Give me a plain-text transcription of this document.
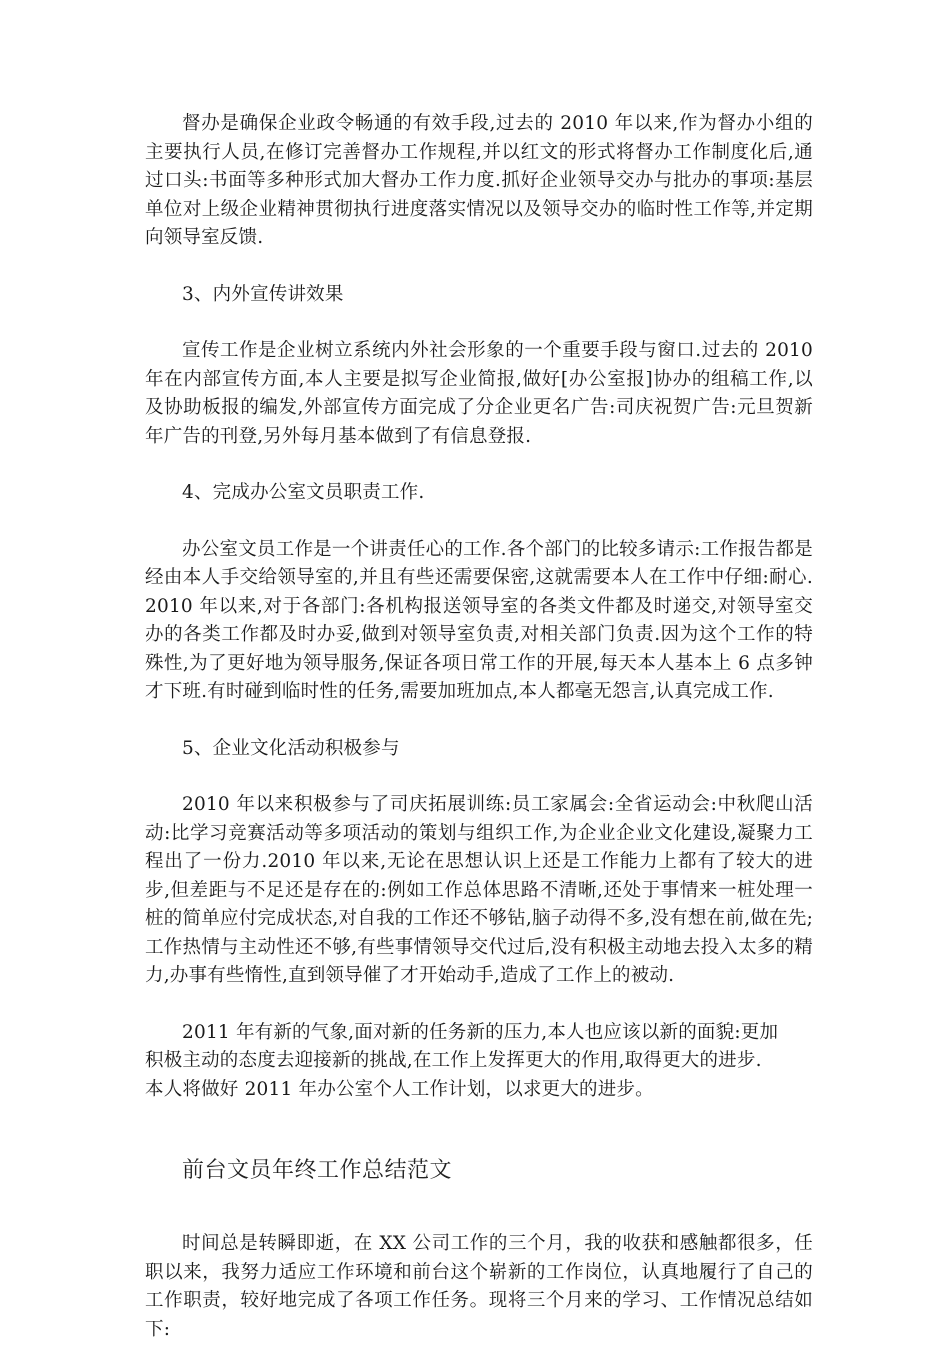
督办是确保企业政令畅通的有效手段,过去的 2010 年以来,作为督办小组的主要执行人员,在修订完善督办工作规程,并以红文的形式将督办工作制度化后,通过口头:书面等多种形式加大督办工作力度.抓好企业领导交办与批办的事项:基层单位对上级企业精神贯彻执行进度落实情况以及领导交办的临时性工作等,并定期向领导室反馈.

3、内外宣传讲效果

宣传工作是企业树立系统内外社会形象的一个重要手段与窗口.过去的 2010 年在内部宣传方面,本人主要是拟写企业简报,做好[办公室报]协办的组稿工作,以及协助板报的编发,外部宣传方面完成了分企业更名广告:司庆祝贺广告:元旦贺新年广告的刊登,另外每月基本做到了有信息登报.

4、完成办公室文员职责工作.

办公室文员工作是一个讲责任心的工作.各个部门的比较多请示:工作报告都是经由本人手交给领导室的,并且有些还需要保密,这就需要本人在工作中仔细:耐心.2010 年以来,对于各部门:各机构报送领导室的各类文件都及时递交,对领导室交办的各类工作都及时办妥,做到对领导室负责,对相关部门负责.因为这个工作的特殊性,为了更好地为领导服务,保证各项日常工作的开展,每天本人基本上 6 点多钟才下班.有时碰到临时性的任务,需要加班加点,本人都毫无怨言,认真完成工作.

5、企业文化活动积极参与

2010 年以来积极参与了司庆拓展训练:员工家属会:全省运动会:中秋爬山活动:比学习竞赛活动等多项活动的策划与组织工作,为企业企业文化建设,凝聚力工程出了一份力.2010 年以来,无论在思想认识上还是工作能力上都有了较大的进步,但差距与不足还是存在的:例如工作总体思路不清晰,还处于事情来一桩处理一桩的简单应付完成状态,对自我的工作还不够钻,脑子动得不多,没有想在前,做在先;工作热情与主动性还不够,有些事情领导交代过后,没有积极主动地去投入太多的精力,办事有些惰性,直到领导催了才开始动手,造成了工作上的被动.

2011 年有新的气象,面对新的任务新的压力,本人也应该以新的面貌:更加
积极主动的态度去迎接新的挑战,在工作上发挥更大的作用,取得更大的进步.
本人将做好 2011 年办公室个人工作计划，以求更大的进步。
前台文员年终工作总结范文

时间总是转瞬即逝，在 XX 公司工作的三个月，我的收获和感触都很多，任职以来，我努力适应工作环境和前台这个崭新的工作岗位，认真地履行了自己的工作职责，较好地完成了各项工作任务。现将三个月来的学习、工作情况总结如下:
